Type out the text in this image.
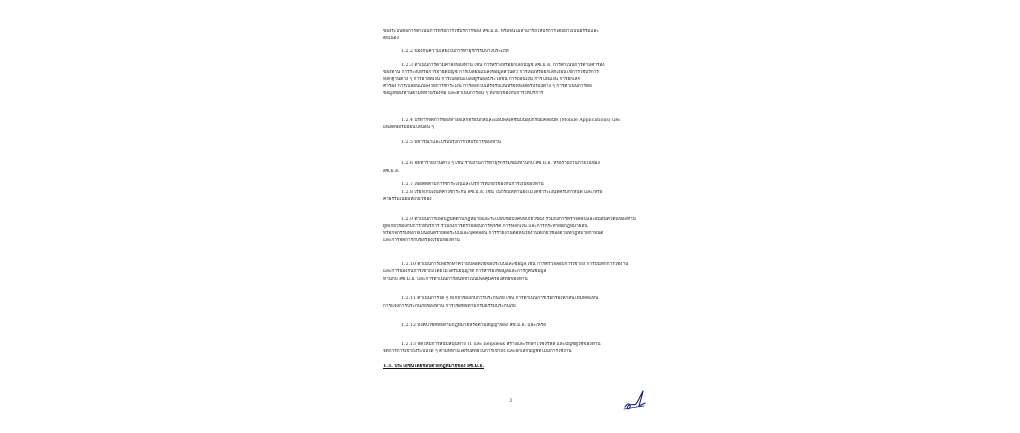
ของระบบต่อการดำเนินการหรือการใช้บริการของ สซ.ม.อ. หรือจนไม่สามารถให้บริการได้อย่างเป็นธรรมและ
ต่อเนื่อง
1.2.2 ป้องกันความเสี่ยงในการทำธุรกรรมบางประเภท
1.2.3 ดำเนินการตามคำสั่งของท่าน เช่น การสร้างหรือยกเลิกบัญชี สซ.ม.อ. การดำเนินการตามคำร้อง
ของท่าน การระงับหรือการอายัดบัญชี การเปลี่ยนแปลงข้อมูลส่วนตัว การเพิ่มหรือยกเลิกเงื่อนไขการใช้บริการ
หลักฐานต่าง ๆ การอายัดเงิน การเปลี่ยนแปลงผู้รับผลประโยชน์ การถอนเงิน การโอนเงิน การยกเลิก
คำร้อง การเปลี่ยนแปลงวิธีการชำระเงิน การออกใบเสร็จรับเงินหรือหนังสือรับรองต่าง ๆ การดำเนินการต่อ
ข้อมูลของท่านตามที่ท่านร้องขอ และดำเนินการอื่น ๆ ที่เกี่ยวข้องกับการให้บริการ
1.2.4 บริหารจัดการช่องทางอิเล็กทรอนิกส์และแอปพลิเคชันบนอุปกรณ์เคลื่อนที่ (Mobile Applications) และ
แพลตฟอร์มออนไลน์อื่น ๆ
1.2.5 พิจารณาและปรับปรุงการให้บริการของท่าน
1.2.6 จัดทำรายงานต่าง ๆ เช่น รายงานการทำธุรกรรมของท่านกับ สซ.ม.อ. หรือรายงานภายในของ
สซ.ม.อ.
1.2.7 เพื่อติดตามการชำระเงินและบริการที่เกี่ยวข้องกับการเงินของท่าน
1.2.8 เรียกเก็บเงินที่ค้างชำระกับ สซ.ม.อ. เช่น ในกรณีที่ท่านยังไม่ได้ชำระเงินที่ครบกำหนด และ/หรือ
ค่าธรรมเนียมที่เกี่ยวข้อง
1.2.9 ดำเนินการเพื่อปฏิบัติตามกฎหมายและระเบียบข้อบังคับที่เกี่ยวข้อง รวมถึงการตรวจสอบและยืนยันตัวตนของท่าน
ผู้ที่เกี่ยวข้องกับการให้บริการ รวมถึงการตรวจสอบการทุจริต การฟอกเงิน และการกระทำผิดกฎหมายอื่น
หรือกิจกรรมที่อาจเป็นอันตรายต่อระบบและบุคคลอื่น การรายงานต่อหน่วยงานที่เกี่ยวข้องตามที่กฎหมายกำหนด
และการจัดการกับข้อร้องเรียนของท่าน
1.2.10 ดำเนินการเพื่อรักษาความปลอดภัยของระบบและข้อมูล เช่น การตรวจสอบการเข้าถึง การบันทึกการใช้งาน
และการป้องกันการเข้าถึงโดยไม่ได้รับอนุญาต การสำรองข้อมูลและการกู้คืนข้อมูล
ท่านกับ สซ.ม.อ. และการดำเนินการอื่นที่จำเป็นเพื่อคุ้มครองสิทธิของท่าน
1.2.11 ดำเนินการใด ๆ ที่เกี่ยวข้องกับการประกันภัย เช่น การดำเนินการเรียกร้องค่าสินไหมทดแทน
การแจ้งการประกันภัยของท่าน การใช้สิทธิตามกรมธรรม์ประกันภัย
1.2.12 บังคับใช้สิทธิตามกฎหมายหรือตามสัญญาของ สซ.ม.อ. และ/หรือ
1.2.13 จัดให้มีการสนับสนุนทาง IT และ helpdesk สร้างและรักษาไว้ซึ่งรหัส และบัญชีผู้ใช้ของท่าน
จัดการการเข้าถึงระบบใด ๆ ตามที่ท่านได้รับสิทธิ์ในการเข้าถึง และยกเลิกบัญชีที่ไม่มีการใช้งาน
1.3. ประโยชน์โดยชอบด้วยกฎหมายของ สซ.ม.อ.
3
